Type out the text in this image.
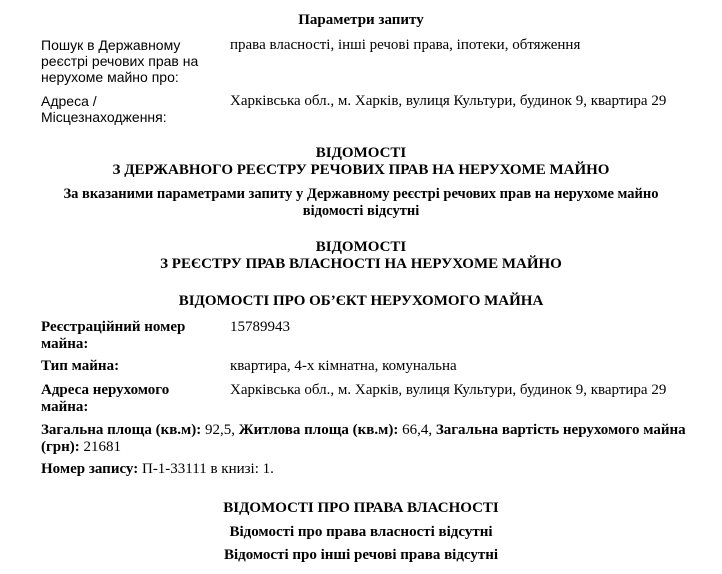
Параметри запиту
Пошук в Державному реєстрі речових прав на нерухоме майно про:
права власності, інші речові права, іпотеки, обтяження
Адреса / Місцезнаходження:
Харківська обл., м. Харків, вулиця Культури, будинок 9, квартира 29
ВІДОМОСТІ
З ДЕРЖАВНОГО РЕЄСТРУ РЕЧОВИХ ПРАВ НА НЕРУХОМЕ МАЙНО
За вказаними параметрами запиту у Державному реєстрі речових прав на нерухоме майно відомості відсутні
ВІДОМОСТІ
З РЕЄСТРУ ПРАВ ВЛАСНОСТІ НА НЕРУХОМЕ МАЙНО
ВІДОМОСТІ ПРО ОБ’ЄКТ НЕРУХОМОГО МАЙНА
Реєстраційний номер майна:
15789943
Тип майна:	квартира, 4-х кімнатна, комунальна
Адреса нерухомого майна:
Харківська обл., м. Харків, вулиця Культури, будинок 9, квартира 29
Загальна площа (кв.м): 92,5, Житлова площа (кв.м): 66,4, Загальна вартість нерухомого майна (грн): 21681
Номер запису: П-1-33111 в книзі: 1.
ВІДОМОСТІ ПРО ПРАВА ВЛАСНОСТІ
Відомості про права власності відсутні
Відомості про інші речові права відсутні
